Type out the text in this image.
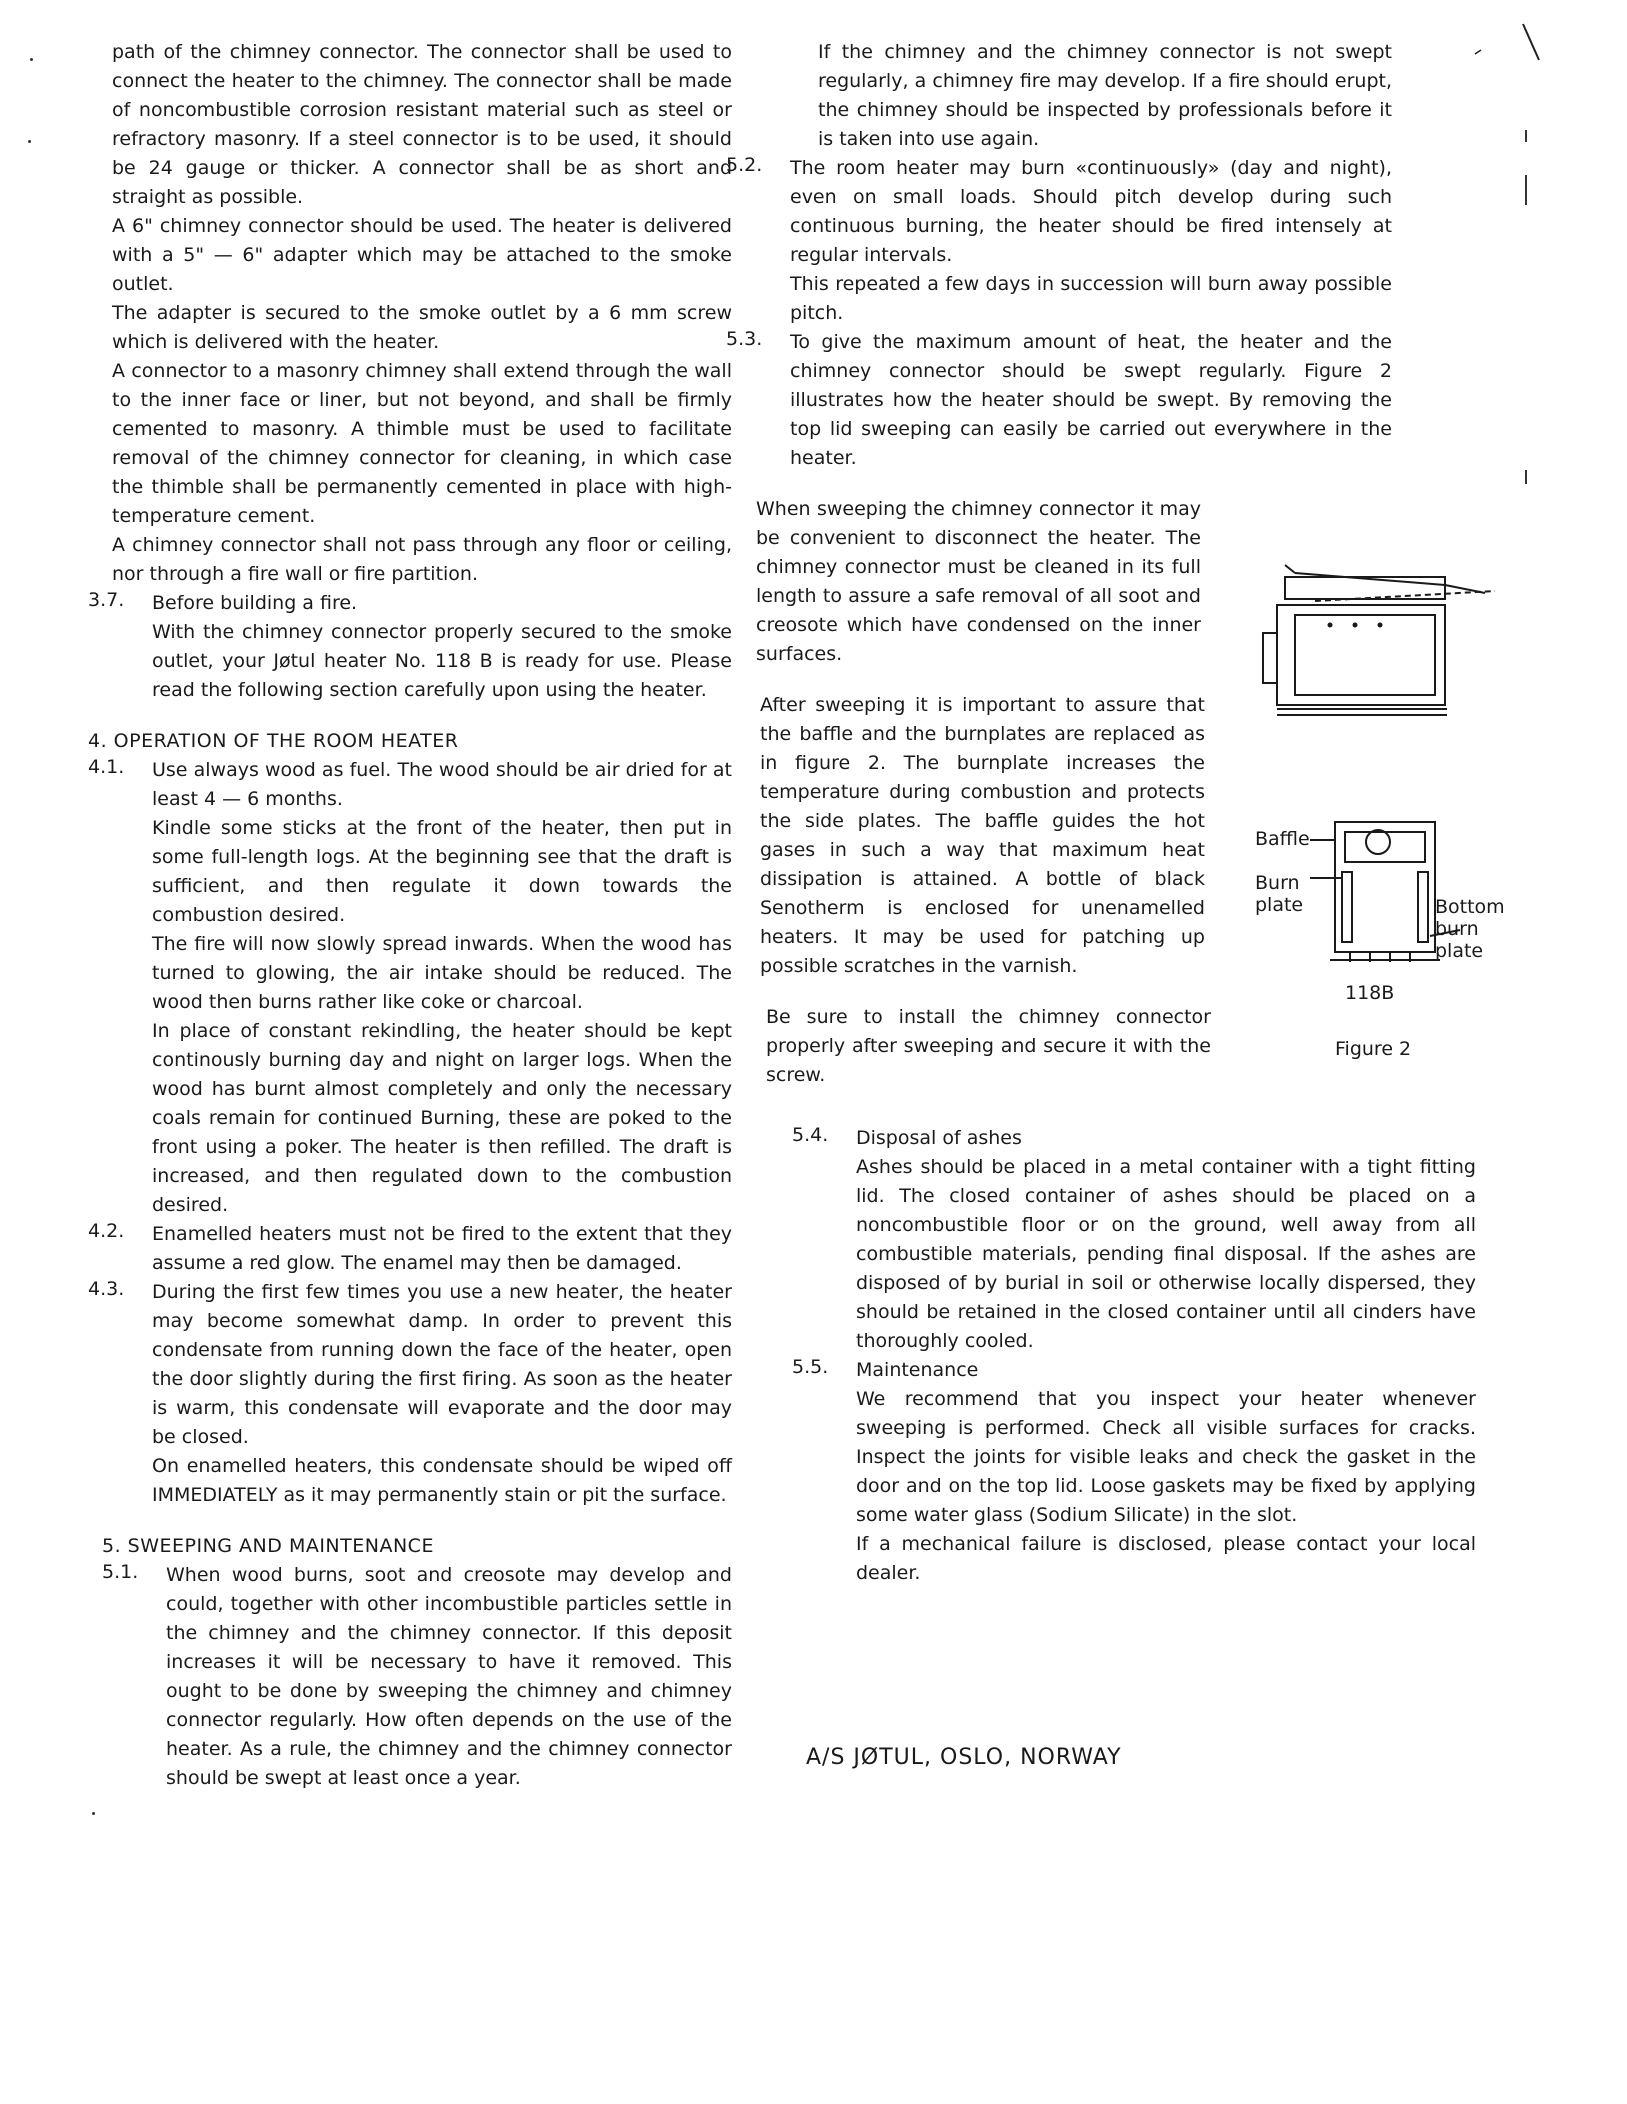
path of the chimney connector. The connector shall be used to connect the heater to the chimney. The connector shall be made of noncombustible corrosion resistant material such as steel or refractory masonry. If a steel connector is to be used, it should be 24 gauge or thicker. A connector shall be as short and straight as possible.

A 6" chimney connector should be used. The heater is delivered with a 5" — 6" adapter which may be attached to the smoke outlet.

The adapter is secured to the smoke outlet by a 6 mm screw which is delivered with the heater.

A connector to a masonry chimney shall extend through the wall to the inner face or liner, but not beyond, and shall be firmly cemented to masonry. A thimble must be used to facilitate removal of the chimney connector for cleaning, in which case the thimble shall be permanently cemented in place with high-temperature cement.

A chimney connector shall not pass through any floor or ceiling, nor through a fire wall or fire partition.

3.7. Before building a fire.

With the chimney connector properly secured to the smoke outlet, your Jøtul heater No. 118 B is ready for use. Please read the following section carefully upon using the heater.

4. OPERATION OF THE ROOM HEATER

4.1. Use always wood as fuel. The wood should be air dried for at least 4 — 6 months.

Kindle some sticks at the front of the heater, then put in some full-length logs. At the beginning see that the draft is sufficient, and then regulate it down towards the combustion desired.

The fire will now slowly spread inwards. When the wood has turned to glowing, the air intake should be reduced. The wood then burns rather like coke or charcoal.

In place of constant rekindling, the heater should be kept continously burning day and night on larger logs. When the wood has burnt almost completely and only the necessary coals remain for continued Burning, these are poked to the front using a poker. The heater is then refilled. The draft is increased, and then regulated down to the combustion desired.

4.2. Enamelled heaters must not be fired to the extent that they assume a red glow. The enamel may then be damaged.

4.3. During the first few times you use a new heater, the heater may become somewhat damp. In order to prevent this condensate from running down the face of the heater, open the door slightly during the first firing. As soon as the heater is warm, this condensate will evaporate and the door may be closed.

On enamelled heaters, this condensate should be wiped off IMMEDIATELY as it may permanently stain or pit the surface.

5. SWEEPING AND MAINTENANCE

5.1. When wood burns, soot and creosote may develop and could, together with other incombustible particles settle in the chimney and the chimney connector. If this deposit increases it will be necessary to have it removed. This ought to be done by sweeping the chimney and chimney connector regularly. How often depends on the use of the heater. As a rule, the chimney and the chimney connector should be swept at least once a year.

If the chimney and the chimney connector is not swept regularly, a chimney fire may develop. If a fire should erupt, the chimney should be inspected by professionals before it is taken into use again.

5.2. The room heater may burn «continuously» (day and night), even on small loads. Should pitch develop during such continuous burning, the heater should be fired intensely at regular intervals.

This repeated a few days in succession will burn away possible pitch.

5.3. To give the maximum amount of heat, the heater and the chimney connector should be swept regularly. Figure 2 illustrates how the heater should be swept. By removing the top lid sweeping can easily be carried out everywhere in the heater.

When sweeping the chimney connector it may be convenient to disconnect the heater. The chimney connector must be cleaned in its full length to assure a safe removal of all soot and creosote which have condensed on the inner surfaces.

After sweeping it is important to assure that the baffle and the burnplates are replaced as in figure 2. The burnplate increases the temperature during combustion and protects the side plates. The baffle guides the hot gases in such a way that maximum heat dissipation is attained. A bottle of black Senotherm is enclosed for unenamelled heaters. It may be used for patching up possible scratches in the varnish.

Be sure to install the chimney connector properly after sweeping and secure it with the screw.

5.4. Disposal of ashes

Ashes should be placed in a metal container with a tight fitting lid. The closed container of ashes should be placed on a noncombustible floor or on the ground, well away from all combustible materials, pending final disposal. If the ashes are disposed of by burial in soil or otherwise locally dispersed, they should be retained in the closed container until all cinders have thoroughly cooled.

5.5. Maintenance

We recommend that you inspect your heater whenever sweeping is performed. Check all visible surfaces for cracks. Inspect the joints for visible leaks and check the gasket in the door and on the top lid. Loose gaskets may be fixed by applying some water glass (Sodium Silicate) in the slot.

If a mechanical failure is disclosed, please contact your local dealer.

Baffle
Burn
plate	Bottom
burn
plate
118B
Figure 2
A/S JØTUL, OSLO, NORWAY
